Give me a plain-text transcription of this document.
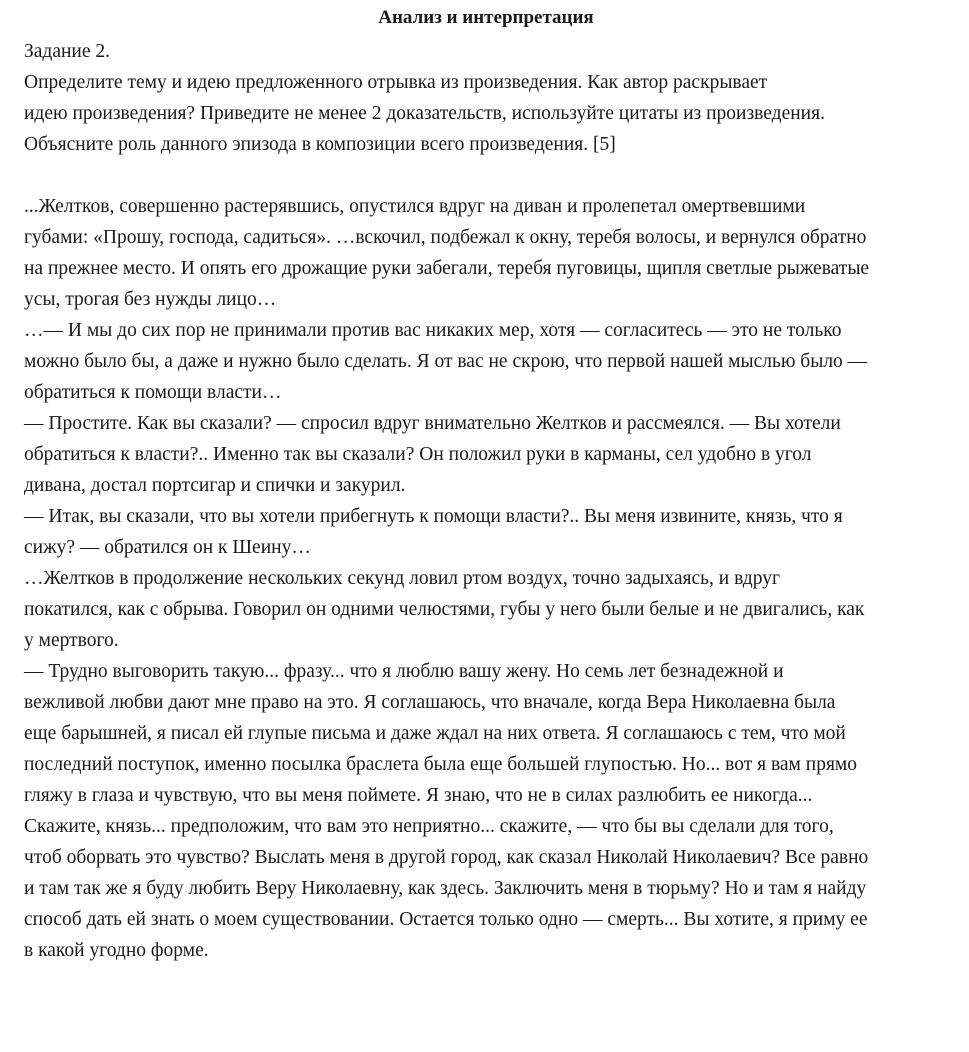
Анализ и интерпретация

Задание 2.

Определите тему и идею предложенного отрывка из произведения. Как автор раскрывает

идею произведения? Приведите не менее 2 доказательств, используйте цитаты из произведения.

Объясните роль данного эпизода в композиции всего произведения. [5]

...Желтков, совершенно растерявшись, опустился вдруг на диван и пролепетал омертвевшими

губами: «Прошу, господа, садиться». …вскочил, подбежал к окну, теребя волосы, и вернулся обратно

на прежнее место. И опять его дрожащие руки забегали, теребя пуговицы, щипля светлые рыжеватые

усы, трогая без нужды лицо…

…— И мы до сих пор не принимали против вас никаких мер, хотя — согласитесь — это не только

можно было бы, а даже и нужно было сделать. Я от вас не скрою, что первой нашей мыслью было —

обратиться к помощи власти…

— Простите. Как вы сказали? — спросил вдруг внимательно Желтков и рассмеялся. — Вы хотели

обратиться к власти?.. Именно так вы сказали? Он положил руки в карманы, сел удобно в угол

дивана, достал портсигар и спички и закурил.

— Итак, вы сказали, что вы хотели прибегнуть к помощи власти?.. Вы меня извините, князь, что я

сижу? — обратился он к Шеину…

…Желтков в продолжение нескольких секунд ловил ртом воздух, точно задыхаясь, и вдруг

покатился, как с обрыва. Говорил он одними челюстями, губы у него были белые и не двигались, как

у мертвого.

— Трудно выговорить такую... фразу... что я люблю вашу жену. Но семь лет безнадежной и

вежливой любви дают мне право на это. Я соглашаюсь, что вначале, когда Вера Николаевна была

еще барышней, я писал ей глупые письма и даже ждал на них ответа. Я соглашаюсь с тем, что мой

последний поступок, именно посылка браслета была еще большей глупостью. Но... вот я вам прямо

гляжу в глаза и чувствую, что вы меня поймете. Я знаю, что не в силах разлюбить ее никогда...

Скажите, князь... предположим, что вам это неприятно... скажите, — что бы вы сделали для того,

чтоб оборвать это чувство? Выслать меня в другой город, как сказал Николай Николаевич? Все равно

и там так же я буду любить Веру Николаевну, как здесь. Заключить меня в тюрьму? Но и там я найду

способ дать ей знать о моем существовании. Остается только одно — смерть... Вы хотите, я приму ее

в какой угодно форме.
